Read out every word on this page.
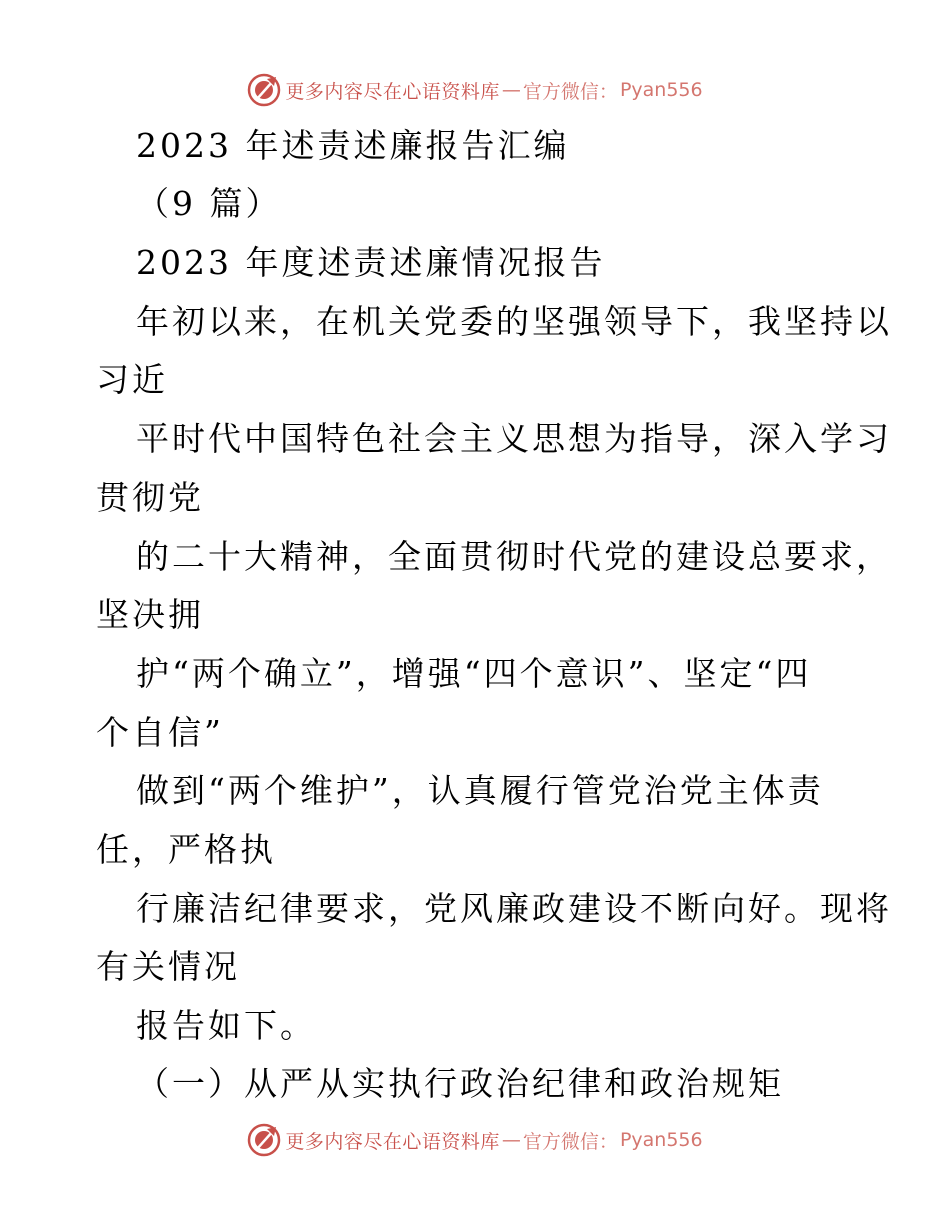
更多内容尽在心语资料库 — 官方微信： Pyan556
2023 年述责述廉报告汇编
（9 篇）
2023 年度述责述廉情况报告
年初以来，在机关党委的坚强领导下，我坚持以
习近
平时代中国特色社会主义思想为指导，深入学习
贯彻党
的二十大精神，全面贯彻时代党的建设总要求，
坚决拥
护“两个确立”，增强“四个意识”、坚定“四
个自信”
做到“两个维护”，认真履行管党治党主体责
任，严格执
行廉洁纪律要求，党风廉政建设不断向好。现将
有关情况
报告如下。
（一）从严从实执行政治纪律和政治规矩
更多内容尽在心语资料库 — 官方微信： Pyan556
